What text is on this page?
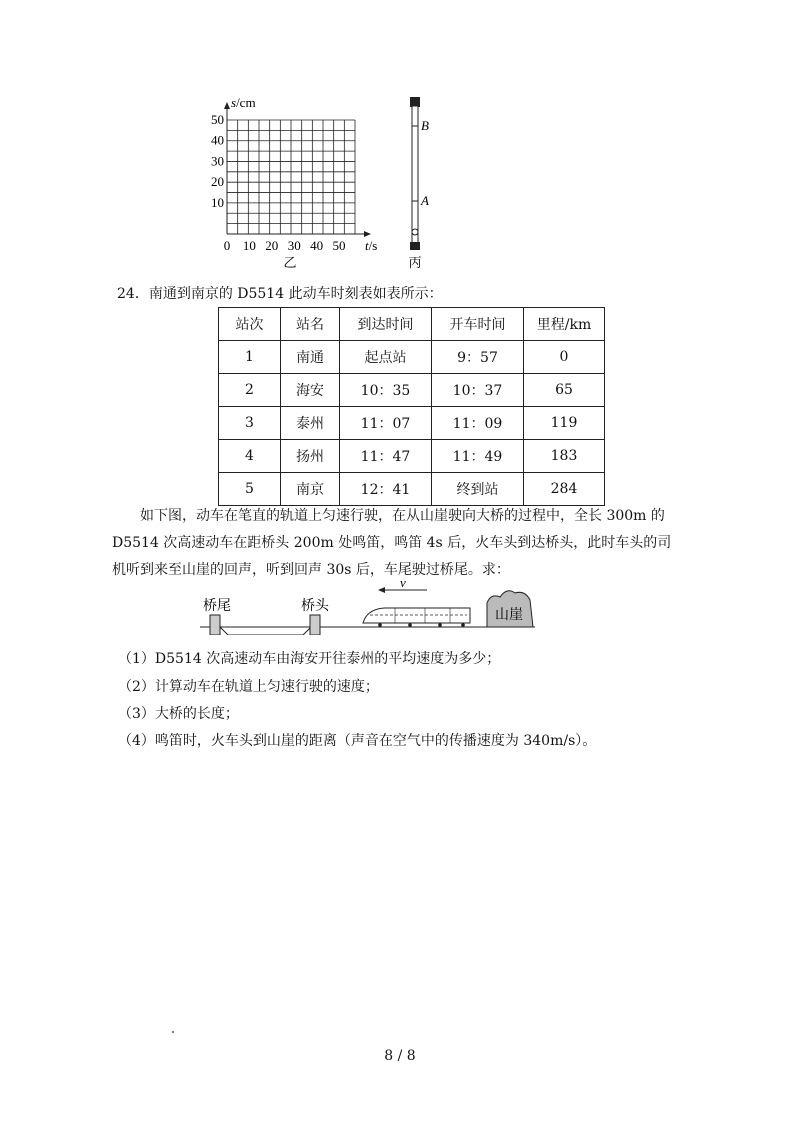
s/cm
t/s
50
40
30
20
10
0 10 20 30 40 50
乙
B
A
丙
24．南通到南京的 D5514 此动车时刻表如表所示：
站次	站名	到达时间	开车时间	里程/km
1	南通	起点站	9：57	0
2	海安	10：35	10：37	65
3	泰州	11：07	11：09	119
4	扬州	11：47	11：49	183
5	南京	12：41	终到站	284
如下图，动车在笔直的轨道上匀速行驶，在从山崖驶向大桥的过程中，全长 300m 的 D5514 次高速动车在距桥头 200m 处鸣笛，鸣笛 4s 后，火车头到达桥头，此时车头的司机听到来至山崖的回声，听到回声 30s 后，车尾驶过桥尾。求：
桥尾	桥头
v
山崖
（1）D5514 次高速动车由海安开往泰州的平均速度为多少；
（2）计算动车在轨道上匀速行驶的速度；
（3）大桥的长度；
（4）鸣笛时，火车头到山崖的距离（声音在空气中的传播速度为 340m/s）。
8 / 8
